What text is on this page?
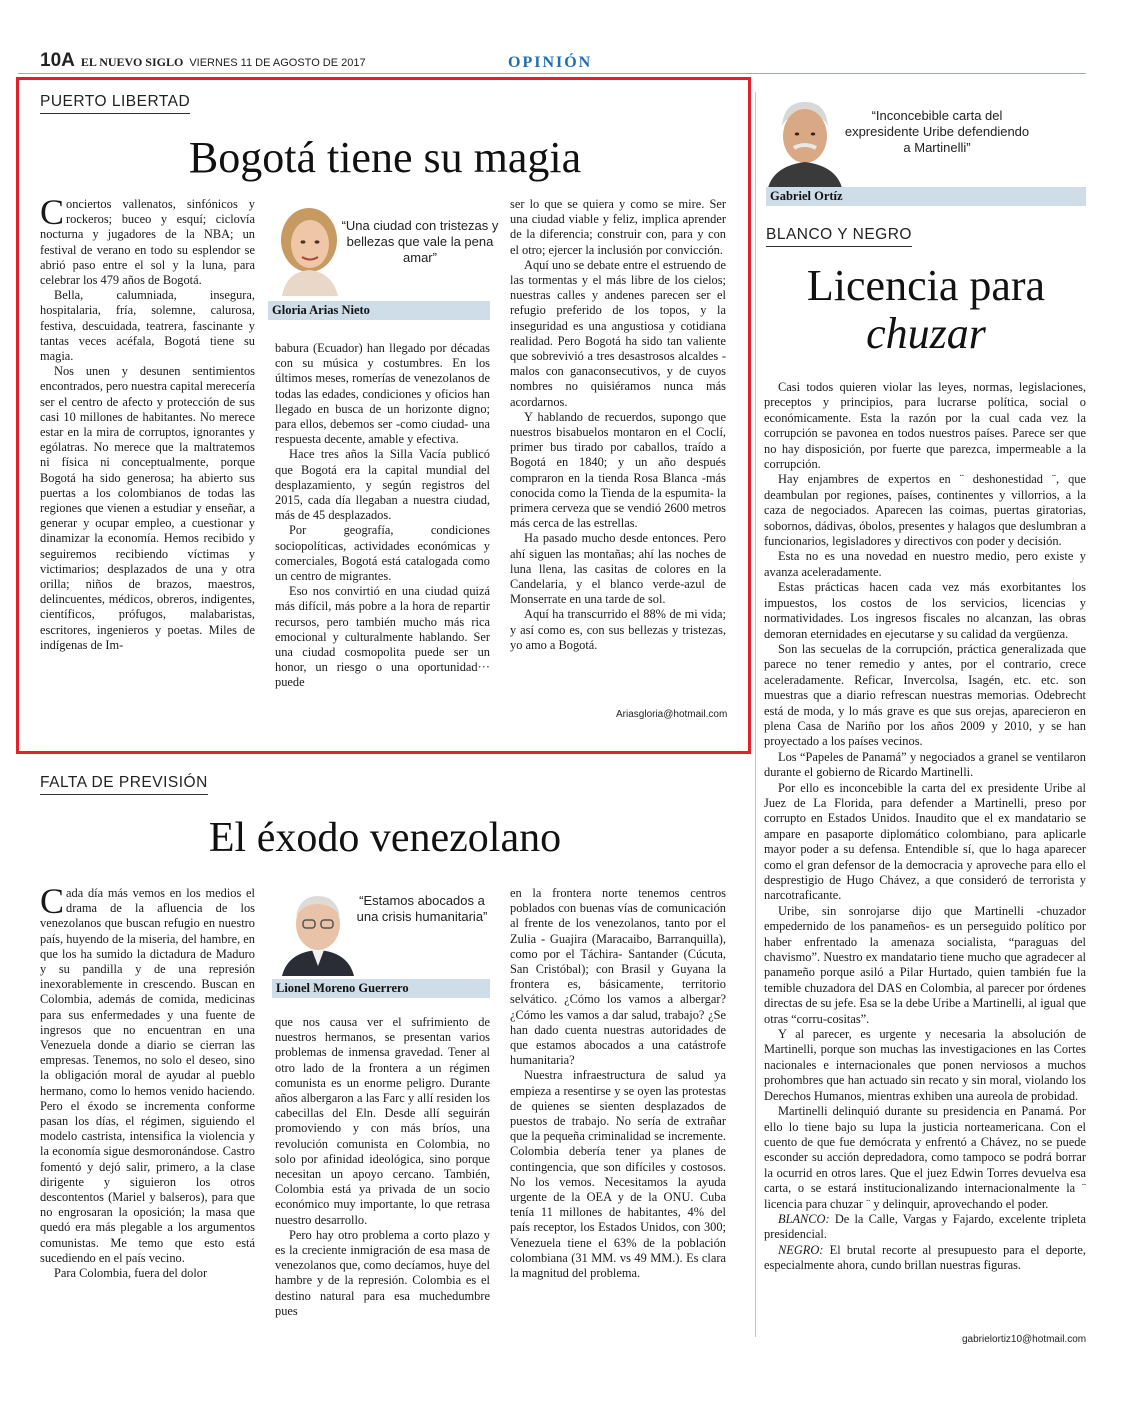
10A EL NUEVO SIGLO VIERNES 11 DE AGOSTO DE 2017	OPINIÓN
PUERTO LIBERTAD
Bogotá tiene su magia

Concier​tos vallenatos, sinfónicos y rockeros; buceo y esquí; ciclovía nocturna y jugadores de la NBA; un festival de verano en todo su esplendor se abrió paso entre el sol y la luna, para celebrar los 479 años de Bogotá.

Bella, calumniada, insegura, hospitalaria, fría, solemne, calurosa, festiva, descuidada, teatrera, fascinante y tantas veces acéfala, Bogotá tiene su magia.

Nos unen y desunen sentimientos encontrados, pero nuestra capital merecería ser el centro de afecto y protección de sus casi 10 millones de habitantes. No merece estar en la mira de corruptos, ignorantes y ególatras. No merece que la maltratemos ni física ni conceptualmente, porque Bogotá ha sido generosa; ha abierto sus puertas a los colombianos de todas las regiones que vienen a estudiar y enseñar, a generar y ocupar empleo, a cuestionar y dinamizar la economía. Hemos recibido y seguiremos recibiendo víctimas y victimarios; desplazados de una y otra orilla; niños de brazos, maestros, delincuentes, médicos, obreros, indigentes, científicos, prófugos, malabaristas, escritores, ingenieros y poetas. Miles de indígenas de Im-

“Una ciudad con tristezas y bellezas que vale la pena amar”
Gloria Arias Nieto

babura (Ecuador) han llegado por décadas con su música y costumbres. En los últimos meses, romerías de venezolanos de todas las edades, condiciones y oficios han llegado en busca de un horizonte digno; para ellos, debemos ser -como ciudad- una respuesta decente, amable y efectiva.

Hace tres años la Silla Vacía publicó que Bogotá era la capital mundial del desplazamiento, y según registros del 2015, cada día llegaban a nuestra ciudad, más de 45 desplazados.

Por geografía, condiciones sociopolíticas, actividades económicas y comerciales, Bogotá está catalogada como un centro de migrantes.

Eso nos convirtió en una ciudad quizá más difícil, más pobre a la hora de repartir recursos, pero también mucho más rica emocional y culturalmente hablando. Ser una ciudad cosmopolita puede ser un honor, un riesgo o una oportunidad··· puede

ser lo que se quiera y como se mire. Ser una ciudad viable y feliz, implica aprender de la diferencia; construir con, para y con el otro; ejercer la inclusión por convicción.

Aquí uno se debate entre el estruendo de las tormentas y el más libre de los cielos; nuestras calles y andenes parecen ser el refugio preferido de los topos, y la inseguridad es una angustiosa y cotidiana realidad. Pero Bogotá ha sido tan valiente que sobrevivió a tres desastrosos alcaldes -malos con ganaconsecutivos, y de cuyos nombres no quisiéramos nunca más acordarnos.

Y hablando de recuerdos, supongo que nuestros bisabuelos montaron en el Coclí, primer bus tirado por caballos, traído a Bogotá en 1840; y un año después compraron en la tienda Rosa Blanca -más conocida como la Tienda de la espumita- la primera cerveza que se vendió 2600 metros más cerca de las estrellas.

Ha pasado mucho desde entonces. Pero ahí siguen las montañas; ahí las noches de luna llena, las casitas de colores en la Candelaria, y el blanco verde-azul de Monserrate en una tarde de sol.

Aquí ha transcurrido el 88% de mi vida; y así como es, con sus bellezas y tristezas, yo amo a Bogotá.

Ariasgloria@hotmail.com
FALTA DE PREVISIÓN
El éxodo venezolano

Cada día más vemos en los medios el drama de la afluencia de los venezolanos que buscan refugio en nuestro país, huyendo de la miseria, del hambre, en que los ha sumido la dictadura de Maduro y su pandilla y de una represión inexorablemente in crescendo. Buscan en Colombia, además de comida, medicinas para sus enfermedades y una fuente de ingresos que no encuentran en una Venezuela donde a diario se cierran las empresas. Tenemos, no solo el deseo, sino la obligación moral de ayudar al pueblo hermano, como lo hemos venido haciendo. Pero el éxodo se incrementa conforme pasan los días, el régimen, siguiendo el modelo castrista, intensifica la violencia y la economía sigue desmoronándose. Castro fomentó y dejó salir, primero, a la clase dirigente y siguieron los otros descontentos (Mariel y balseros), para que no engrosaran la oposición; la masa que quedó era más plegable a los argumentos comunistas. Me temo que esto está sucediendo en el país vecino.

Para Colombia, fuera del dolor

“Estamos abocados a una crisis humanitaria”
Lionel Moreno Guerrero

que nos causa ver el sufrimiento de nuestros hermanos, se presentan varios problemas de inmensa gravedad. Tener al otro lado de la frontera a un régimen comunista es un enorme peligro. Durante años albergaron a las Farc y allí residen los cabecillas del Eln. Desde allí seguirán promoviendo y con más bríos, una revolución comunista en Colombia, no solo por afinidad ideológica, sino porque necesitan un apoyo cercano. También, Colombia está ya privada de un socio económico muy importante, lo que retrasa nuestro desarrollo.

Pero hay otro problema a corto plazo y es la creciente inmigración de esa masa de venezolanos que, como decíamos, huye del hambre y de la represión. Colombia es el destino natural para esa muchedumbre pues

en la frontera norte tenemos centros poblados con buenas vías de comunicación al frente de los venezolanos, tanto por el Zulia - Guajira (Maracaibo, Barranquilla), como por el Táchira- Santander (Cúcuta, San Cristóbal); con Brasil y Guyana la frontera es, básicamente, territorio selvático. ¿Cómo los vamos a albergar? ¿Cómo les vamos a dar salud, trabajo? ¿Se han dado cuenta nuestras autoridades de que estamos abocados a una catástrofe humanitaria?

Nuestra infraestructura de salud ya empieza a resentirse y se oyen las protestas de quienes se sienten desplazados de puestos de trabajo. No sería de extrañar que la pequeña criminalidad se incremente. Colombia debería tener ya planes de contingencia, que son difíciles y costosos. No los vemos. Necesitamos la ayuda urgente de la OEA y de la ONU. Cuba tenía 11 millones de habitantes, 4% del país receptor, los Estados Unidos, con 300; Venezuela tiene el 63% de la población colombiana (31 MM. vs 49 MM.). Es clara la magnitud del problema.

“Inconcebible carta del expresidente Uribe defendiendo a Martinelli”
Gabriel Ortíz
BLANCO Y NEGRO
Licencia para
chuzar

Casi todos quieren violar las leyes, normas, legislaciones, preceptos y principios, para lucrarse política, social o económicamente. Esta la razón por la cual cada vez la corrupción se pavonea en todos nuestros países. Parece ser que no hay disposición, por fuerte que parezca, impermeable a la corrupción.

Hay enjambres de expertos en ¨ deshonestidad ¨, que deambulan por regiones, países, continentes y villorrios, a la caza de negociados. Aparecen las coimas, puertas giratorias, sobornos, dádivas, óbolos, presentes y halagos que deslumbran a funcionarios, legisladores y directivos con poder y decisión.

Esta no es una novedad en nuestro medio, pero existe y avanza aceleradamente.

Estas prácticas hacen cada vez más exorbitantes los impuestos, los costos de los servicios, licencias y normatividades. Los ingresos fiscales no alcanzan, las obras demoran eternidades en ejecutarse y su calidad da vergüenza.

Son las secuelas de la corrupción, práctica generalizada que parece no tener remedio y antes, por el contrario, crece aceleradamente. Reficar, Invercolsa, Isagén, etc. etc. son muestras que a diario refrescan nuestras memorias. Odebrecht está de moda, y lo más grave es que sus orejas, aparecieron en plena Casa de Nariño por los años 2009 y 2010, y se han proyectado a los países vecinos.

Los “Papeles de Panamá” y negociados a granel se ventilaron durante el gobierno de Ricardo Martinelli.

Por ello es inconcebible la carta del ex presidente Uribe al Juez de La Florida, para defender a Martinelli, preso por corrupto en Estados Unidos. Inaudito que el ex mandatario se ampare en pasaporte diplomático colombiano, para aplicarle mayor poder a su defensa. Entendible sí, que lo haga aparecer como el gran defensor de la democracia y aproveche para ello el desprestigio de Hugo Chávez, a que consideró de terrorista y narcotraficante.

Uribe, sin sonrojarse dijo que Martinelli -chuzador empedernido de los panameños- es un perseguido político por haber enfrentado la amenaza socialista, “paraguas del chavismo”. Nuestro ex mandatario tiene mucho que agradecer al panameño porque asiló a Pilar Hurtado, quien también fue la temible chuzadora del DAS en Colombia, al parecer por órdenes directas de su jefe. Esa se la debe Uribe a Martinelli, al igual que otras “corru-cositas”.

Y al parecer, es urgente y necesaria la absolución de Martinelli, porque son muchas las investigaciones en las Cortes nacionales e internacionales que ponen nerviosos a muchos prohombres que han actuado sin recato y sin moral, violando los Derechos Humanos, mientras exhiben una aureola de probidad.

Martinelli delinquió durante su presidencia en Panamá. Por ello lo tiene bajo su lupa la justicia norteamericana. Con el cuento de que fue demócrata y enfrentó a Chávez, no se puede esconder su acción depredadora, como tampoco se podrá borrar la ocurrid en otros lares. Que el juez Edwin Torres devuelva esa carta, o se estará institucionalizando internacionalmente la ¨ licencia para chuzar ¨ y delinquir, aprovechando el poder.

BLANCO: De la Calle, Vargas y Fajardo, excelente tripleta presidencial.

NEGRO: El brutal recorte al presupuesto para el deporte, especialmente ahora, cundo brillan nuestras figuras.

gabrielortiz10@hotmail.com
